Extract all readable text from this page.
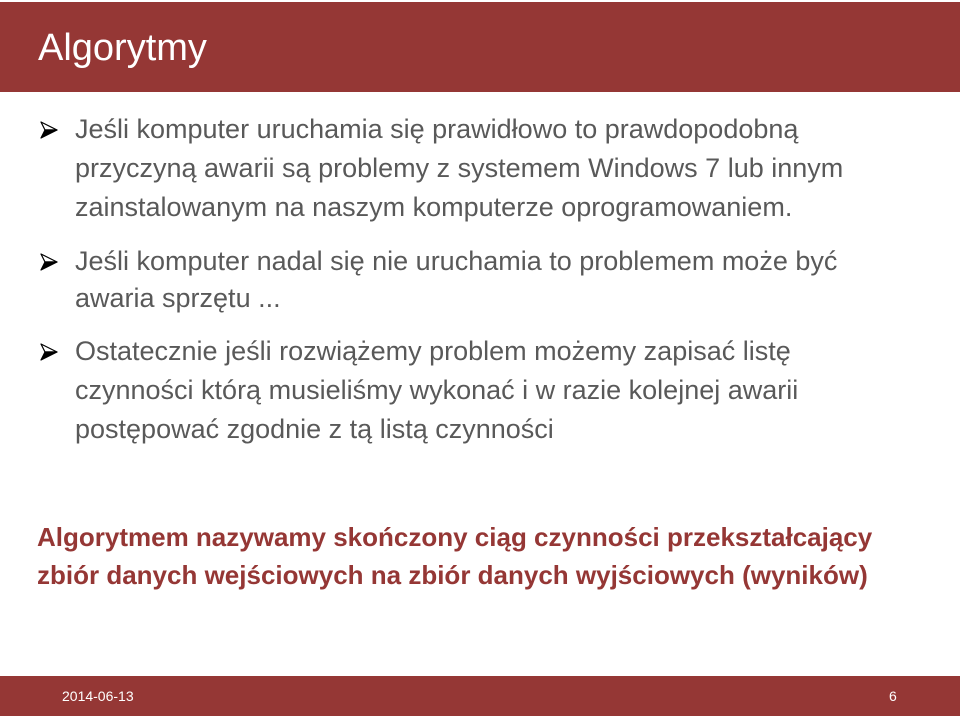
Algorytmy
Jeśli komputer uruchamia się prawidłowo to prawdopodobną
przyczyną awarii są problemy z systemem Windows 7 lub innym
zainstalowanym na naszym komputerze oprogramowaniem.
Jeśli komputer nadal się nie uruchamia to problemem może być
awaria sprzętu ...
Ostatecznie jeśli rozwiążemy problem możemy zapisać listę
czynności którą musieliśmy wykonać i w razie kolejnej awarii
postępować zgodnie z tą listą czynności
Algorytmem nazywamy skończony ciąg czynności przekształcający
zbiór danych wejściowych na zbiór danych wyjściowych (wyników)
2014-06-13	6
